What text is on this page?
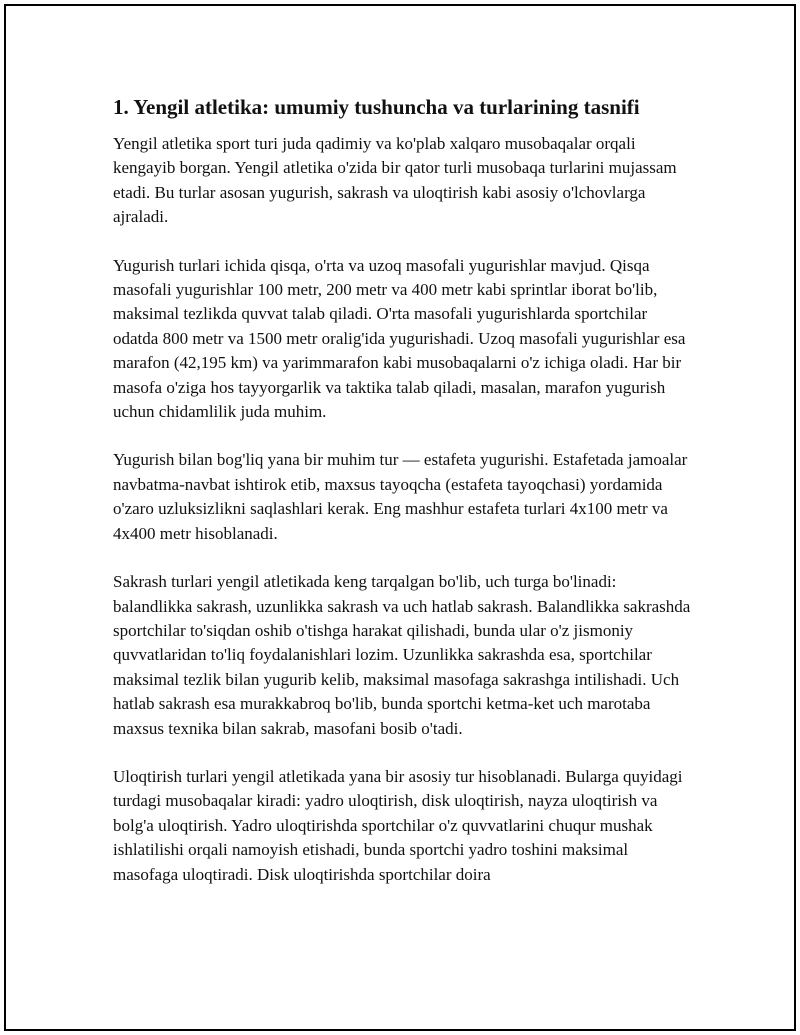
1. Yengil atletika: umumiy tushuncha va turlarining tasnifi

Yengil atletika sport turi juda qadimiy va ko'plab xalqaro musobaqalar orqali kengayib borgan. Yengil atletika o'zida bir qator turli musobaqa turlarini mujassam etadi. Bu turlar asosan yugurish, sakrash va uloqtirish kabi asosiy o'lchovlarga ajraladi.

Yugurish turlari ichida qisqa, o'rta va uzoq masofali yugurishlar mavjud. Qisqa masofali yugurishlar 100 metr, 200 metr va 400 metr kabi sprintlar iborat bo'lib, maksimal tezlikda quvvat talab qiladi. O'rta masofali yugurishlarda sportchilar odatda 800 metr va 1500 metr oralig'ida yugurishadi. Uzoq masofali yugurishlar esa marafon (42,195 km) va yarimmarafon kabi musobaqalarni o'z ichiga oladi. Har bir masofa o'ziga hos tayyorgarlik va taktika talab qiladi, masalan, marafon yugurish uchun chidamlilik juda muhim.

Yugurish bilan bog'liq yana bir muhim tur — estafeta yugurishi. Estafetada jamoalar navbatma-navbat ishtirok etib, maxsus tayoqcha (estafeta tayoqchasi) yordamida o'zaro uzluksizlikni saqlashlari kerak. Eng mashhur estafeta turlari 4x100 metr va 4x400 metr hisoblanadi.

Sakrash turlari yengil atletikada keng tarqalgan bo'lib, uch turga bo'linadi: balandlikka sakrash, uzunlikka sakrash va uch hatlab sakrash. Balandlikka sakrashda sportchilar to'siqdan oshib o'tishga harakat qilishadi, bunda ular o'z jismoniy quvvatlaridan to'liq foydalanishlari lozim. Uzunlikka sakrashda esa, sportchilar maksimal tezlik bilan yugurib kelib, maksimal masofaga sakrashga intilishadi. Uch hatlab sakrash esa murakkabroq bo'lib, bunda sportchi ketma-ket uch marotaba maxsus texnika bilan sakrab, masofani bosib o'tadi.

Uloqtirish turlari yengil atletikada yana bir asosiy tur hisoblanadi. Bularga quyidagi turdagi musobaqalar kiradi: yadro uloqtirish, disk uloqtirish, nayza uloqtirish va bolg'a uloqtirish. Yadro uloqtirishda sportchilar o'z quvvatlarini chuqur mushak ishlatilishi orqali namoyish etishadi, bunda sportchi yadro toshini maksimal masofaga uloqtiradi. Disk uloqtirishda sportchilar doira
